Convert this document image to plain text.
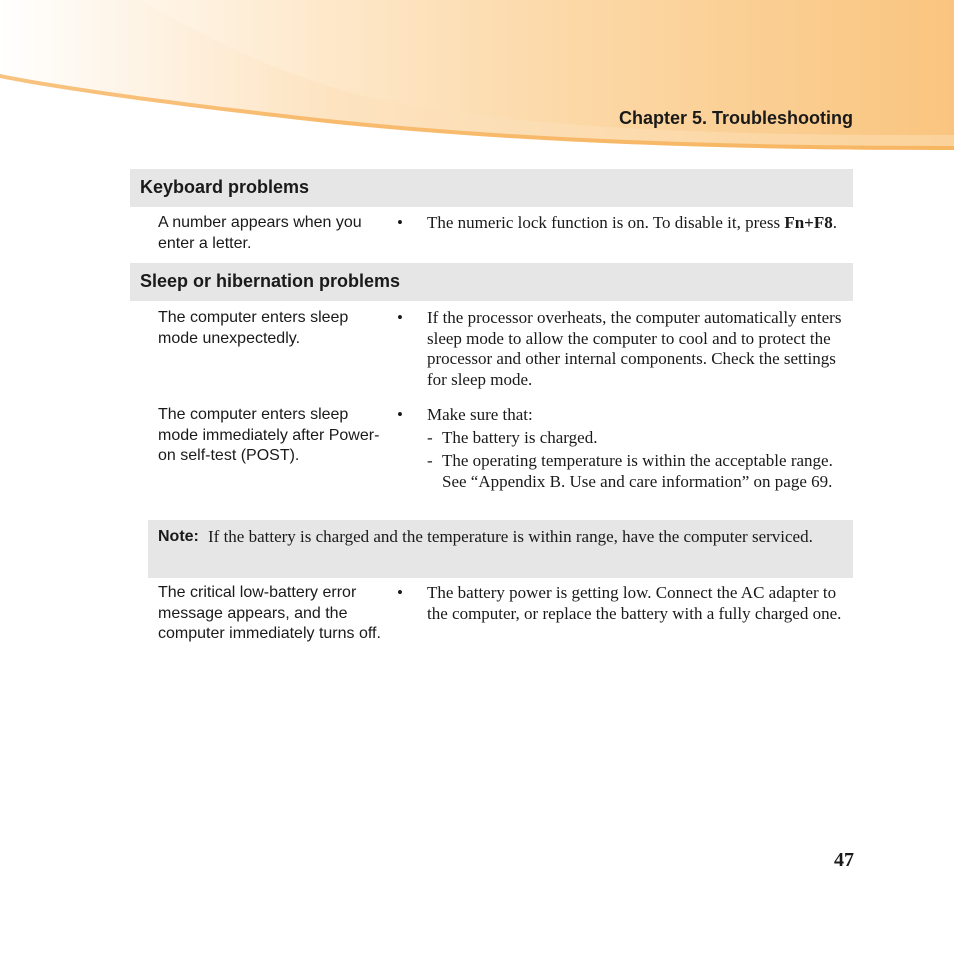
Chapter 5. Troubleshooting
Keyboard problems
A number appears when you enter a letter.
• The numeric lock function is on. To disable it, press Fn+F8.
Sleep or hibernation problems
The computer enters sleep mode unexpectedly.
• If the processor overheats, the computer automatically enters sleep mode to allow the computer to cool and to protect the processor and other internal components. Check the settings for sleep mode.
The computer enters sleep mode immediately after Power-on self-test (POST).
• Make sure that:
- The battery is charged.
- The operating temperature is within the acceptable range. See “Appendix B. Use and care information” on page 69.
Note: If the battery is charged and the temperature is within range, have the computer serviced.
The critical low-battery error message appears, and the computer immediately turns off.
• The battery power is getting low. Connect the AC adapter to the computer, or replace the battery with a fully charged one.
47
